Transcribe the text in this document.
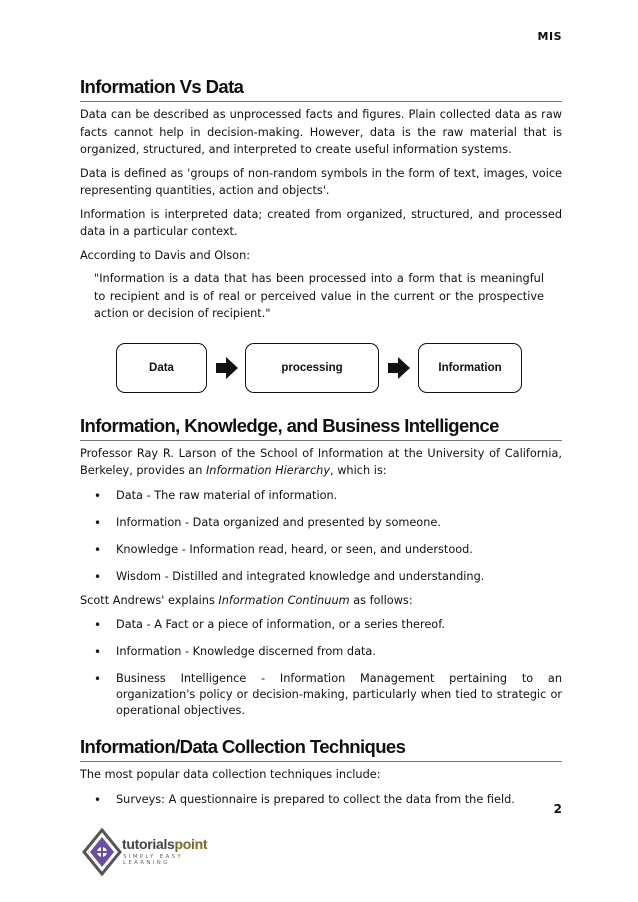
MIS
Information Vs Data

Data can be described as unprocessed facts and figures. Plain collected data as raw facts cannot help in decision-making. However, data is the raw material that is organized, structured, and interpreted to create useful information systems.

Data is defined as 'groups of non-random symbols in the form of text, images, voice representing quantities, action and objects'.

Information is interpreted data; created from organized, structured, and processed data in a particular context.

According to Davis and Olson:

"Information is a data that has been processed into a form that is meaningful to recipient and is of real or perceived value in the current or the prospective action or decision of recipient."

Data	processing	Information
Information, Knowledge, and Business Intelligence

Professor Ray R. Larson of the School of Information at the University of California, Berkeley, provides an Information Hierarchy, which is:

• Data - The raw material of information.
• Information - Data organized and presented by someone.
• Knowledge - Information read, heard, or seen, and understood.
• Wisdom - Distilled and integrated knowledge and understanding.

Scott Andrews' explains Information Continuum as follows:

• Data - A Fact or a piece of information, or a series thereof.
• Information - Knowledge discerned from data.
• Business Intelligence - Information Management pertaining to an organization's policy or decision-making, particularly when tied to strategic or operational objectives.
Information/Data Collection Techniques

The most popular data collection techniques include:

• Surveys: A questionnaire is prepared to collect the data from the field.
2
tutorialspoint
SIMPLY EASY LEARNING
